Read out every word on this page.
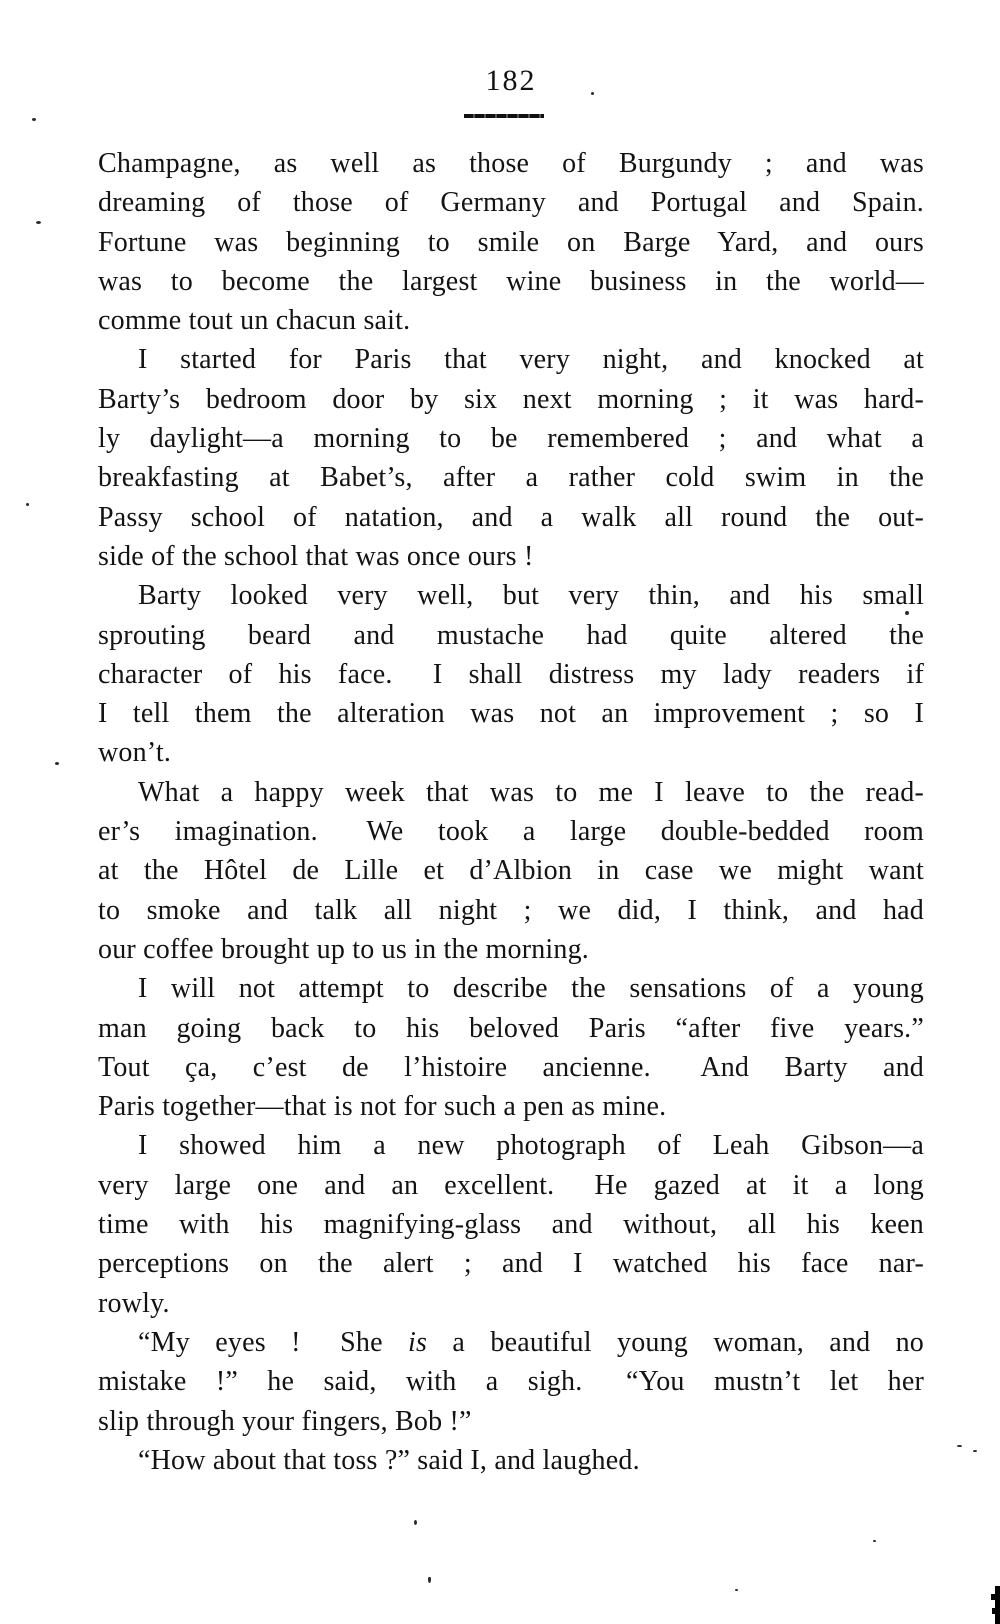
182
Champagne, as well as those of Burgundy ; and was
dreaming of those of Germany and Portugal and Spain.
Fortune was beginning to smile on Barge Yard, and ours
was to become the largest wine business in the world—
comme tout un chacun sait.
I started for Paris that very night, and knocked at
Barty’s bedroom door by six next morning ; it was hard-
ly daylight—a morning to be remembered ; and what a
breakfasting at Babet’s, after a rather cold swim in the
Passy school of natation, and a walk all round the out-
side of the school that was once ours !
Barty looked very well, but very thin, and his small
sprouting beard and mustache had quite altered the
character of his face.  I shall distress my lady readers if
I tell them the alteration was not an improvement ; so I
won’t.
What a happy week that was to me I leave to the read-
er’s imagination.  We took a large double-bedded room
at the Hôtel de Lille et d’Albion in case we might want
to smoke and talk all night ; we did, I think, and had
our coffee brought up to us in the morning.
I will not attempt to describe the sensations of a young
man going back to his beloved Paris “after five years.”
Tout ça, c’est de l’histoire ancienne.  And Barty and
Paris together—that is not for such a pen as mine.
I showed him a new photograph of Leah Gibson—a
very large one and an excellent.  He gazed at it a long
time with his magnifying-glass and without, all his keen
perceptions on the alert ; and I watched his face nar-
rowly.
“My eyes !  She is a beautiful young woman, and no
mistake !” he said, with a sigh.  “You mustn’t let her
slip through your fingers, Bob !”
“How about that toss ?” said I, and laughed.
